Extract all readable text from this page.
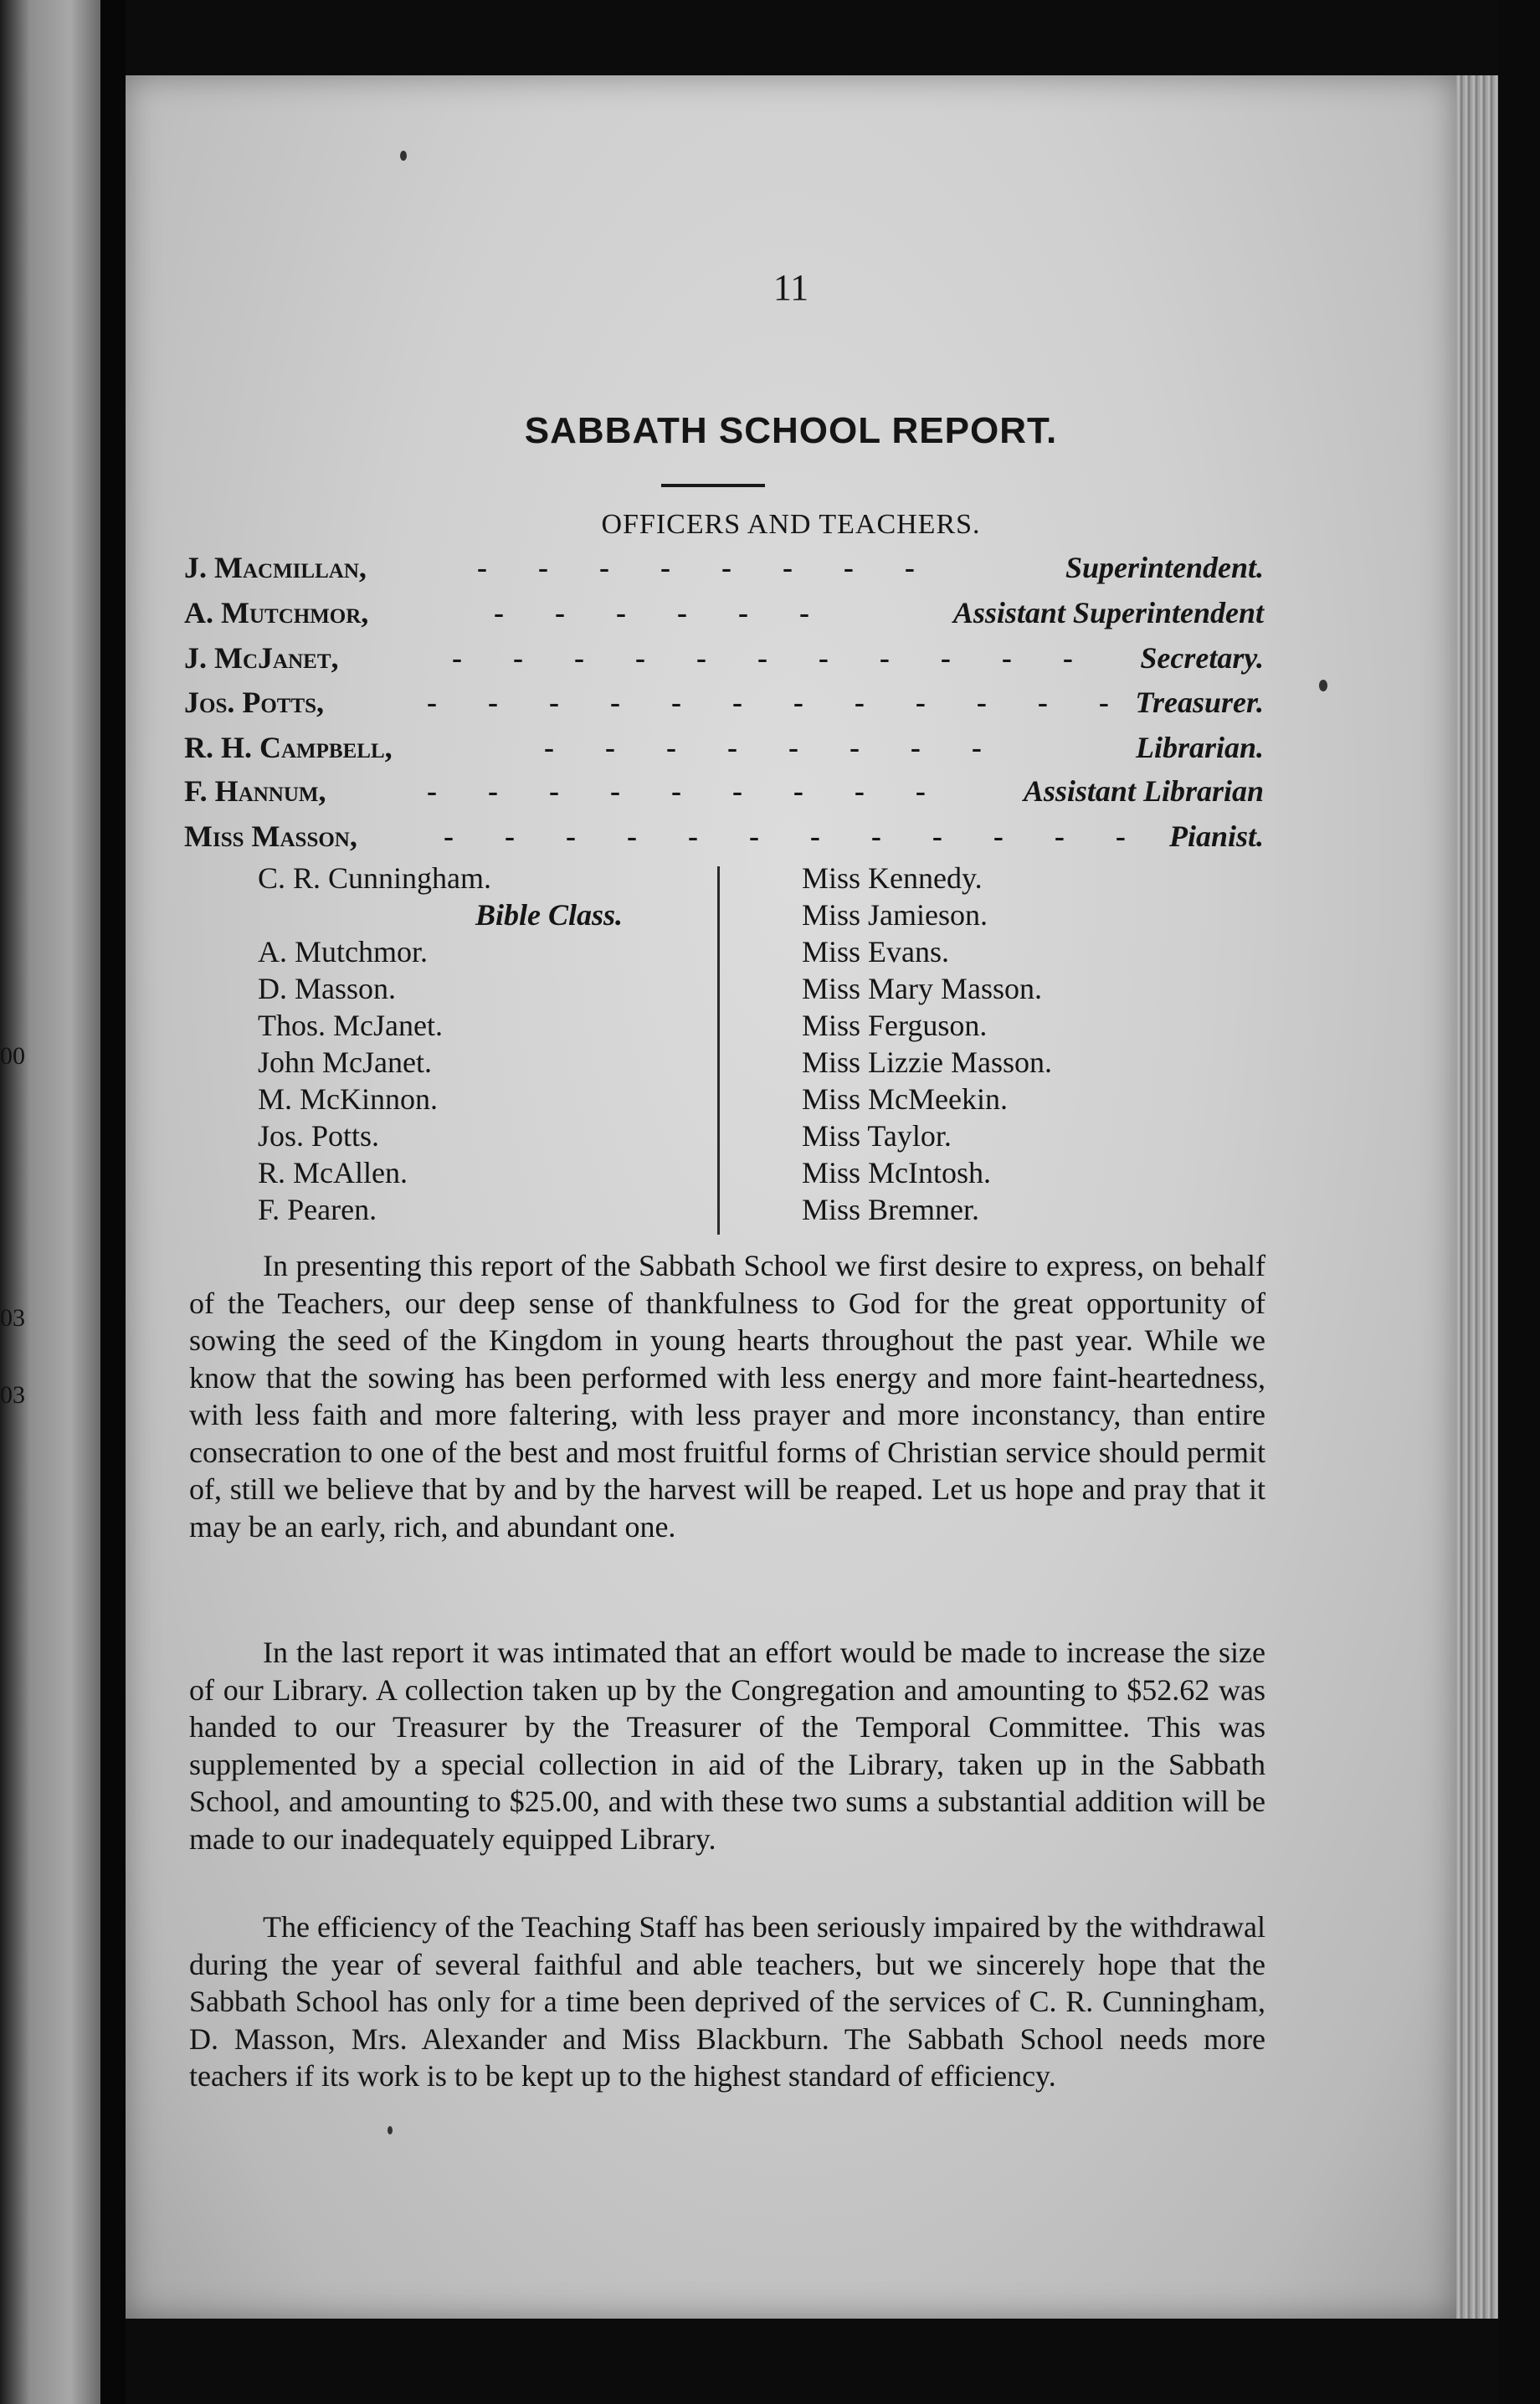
00
03
03
11
SABBATH SCHOOL REPORT.
OFFICERS AND TEACHERS.
J. Macmillan,	- - - - - - - -	Superintendent.
A. Mutchmor,	- - - - - -	Assistant Superintendent
J. McJanet,	- - - - - - - - - - - Secretary.
Jos. Potts,	- - - - - - - - - - - - Treasurer.
R. H. Campbell,	- - - - - - - -	Librarian.
F. Hannum,	- - - - - - - - -	Assistant Librarian
Miss Masson,	- - - - - - - - - - - - Pianist.
C. R. Cunningham.
Bible Class.
A. Mutchmor.
D. Masson.
Thos. McJanet.
John McJanet.
M. McKinnon.
Jos. Potts.
R. McAllen.
F. Pearen.
Miss Kennedy.
Miss Jamieson.
Miss Evans.
Miss Mary Masson.
Miss Ferguson.
Miss Lizzie Masson.
Miss McMeekin.
Miss Taylor.
Miss McIntosh.
Miss Bremner.
In presenting this report of the Sabbath School we first desire to express, on behalf of the Teachers, our deep sense of thankfulness to God for the great opportunity of sowing the seed of the Kingdom in young hearts throughout the past year. While we know that the sowing has been performed with less energy and more faint-heartedness, with less faith and more faltering, with less prayer and more inconstancy, than entire consecration to one of the best and most fruitful forms of Christian service should permit of, still we believe that by and by the harvest will be reaped. Let us hope and pray that it may be an early, rich, and abundant one.
In the last report it was intimated that an effort would be made to increase the size of our Library. A collection taken up by the Congregation and amounting to $52.62 was handed to our Treasurer by the Treasurer of the Temporal Committee. This was supplemented by a special collection in aid of the Library, taken up in the Sabbath School, and amounting to $25.00, and with these two sums a substantial addition will be made to our inadequately equipped Library.
The efficiency of the Teaching Staff has been seriously impaired by the withdrawal during the year of several faithful and able teachers, but we sincerely hope that the Sabbath School has only for a time been deprived of the services of C. R. Cunningham, D. Masson, Mrs. Alexander and Miss Blackburn. The Sabbath School needs more teachers if its work is to be kept up to the highest standard of efficiency.
